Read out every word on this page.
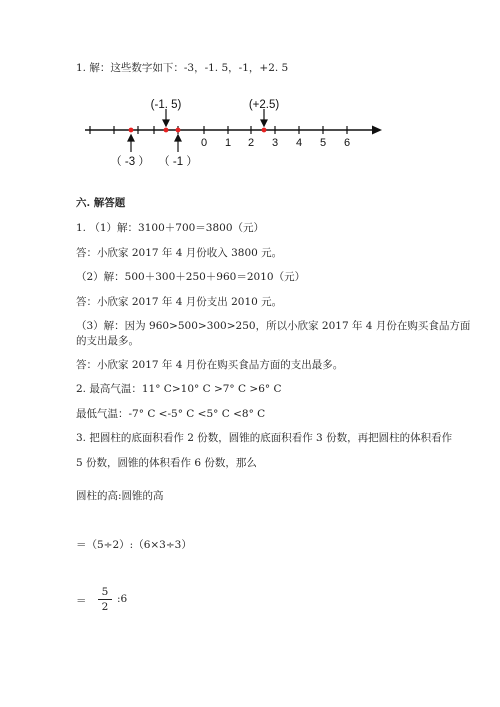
1. 解：这些数字如下：-3，-1. 5，-1，+2. 5
(-1. 5)	(+2.5)
（ -3 ） （ -1 ）
0 1 2 3 4 5 6
六. 解答题
1. （1）解：3100＋700＝3800（元）
答：小欣家 2017 年 4 月份收入 3800 元。
（2）解：500＋300＋250＋960＝2010（元）
答：小欣家 2017 年 4 月份支出 2010 元。
（3）解：因为 960>500>300>250，所以小欣家 2017 年 4 月份在购买食品方面
的支出最多。
答：小欣家 2017 年 4 月份在购买食品方面的支出最多。
2. 最高气温：11° C>10° C >7° C >6° C
最低气温：-7° C <-5° C <5° C <8° C
3. 把圆柱的底面积看作 2 份数，圆锥的底面积看作 3 份数，再把圆柱的体积看作
5 份数，圆锥的体积看作 6 份数，那么
圆柱的高:圆锥的高
＝（5÷2）:（6×3÷3）
＝
5
2
:6
